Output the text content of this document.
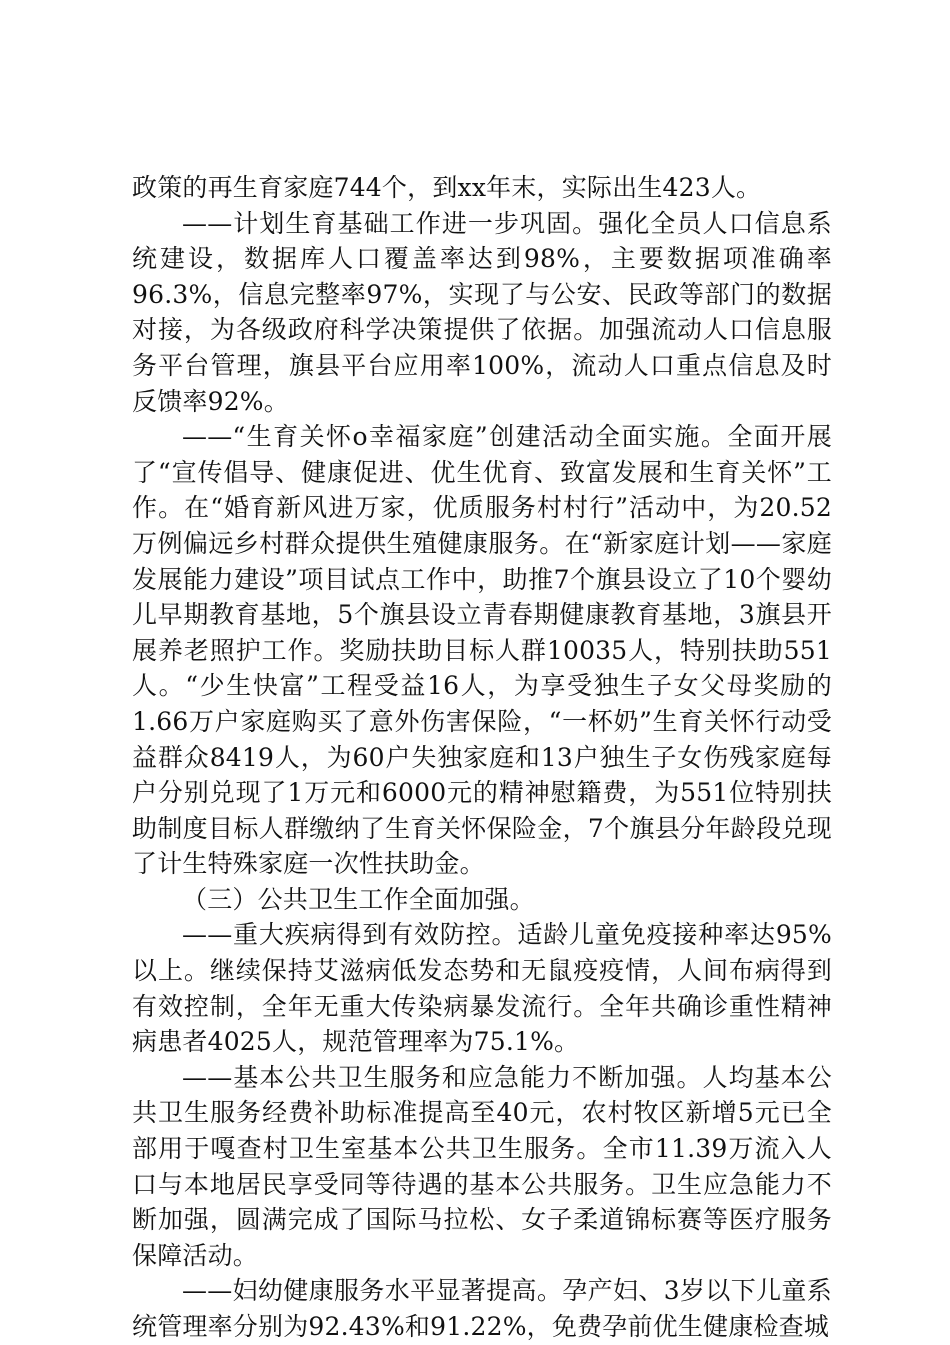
政策的再生育家庭744个，到xx年末，实际出生423人。

——计划生育基础工作进一步巩固。强化全员人口信息系统建设，数据库人口覆盖率达到98%，主要数据项准确率96.3%，信息完整率97%，实现了与公安、民政等部门的数据对接，为各级政府科学决策提供了依据。加强流动人口信息服务平台管理，旗县平台应用率100%，流动人口重点信息及时反馈率92%。

——“生育关怀o幸福家庭”创建活动全面实施。全面开展了“宣传倡导、健康促进、优生优育、致富发展和生育关怀”工作。在“婚育新风进万家，优质服务村村行”活动中，为20.52万例偏远乡村群众提供生殖健康服务。在“新家庭计划——家庭发展能力建设”项目试点工作中，助推7个旗县设立了10个婴幼儿早期教育基地，5个旗县设立青春期健康教育基地，3旗县开展养老照护工作。奖励扶助目标人群10035人，特别扶助551人。“少生快富”工程受益16人，为享受独生子女父母奖励的1.66万户家庭购买了意外伤害保险，“一杯奶”生育关怀行动受益群众8419人，为60户失独家庭和13户独生子女伤残家庭每户分别兑现了1万元和6000元的精神慰籍费，为551位特别扶助制度目标人群缴纳了生育关怀保险金，7个旗县分年龄段兑现了计生特殊家庭一次性扶助金。

（三）公共卫生工作全面加强。

——重大疾病得到有效防控。适龄儿童免疫接种率达95%以上。继续保持艾滋病低发态势和无鼠疫疫情，人间布病得到有效控制，全年无重大传染病暴发流行。全年共确诊重性精神病患者4025人，规范管理率为75.1%。

——基本公共卫生服务和应急能力不断加强。人均基本公共卫生服务经费补助标准提高至40元，农村牧区新增5元已全部用于嘎查村卫生室基本公共卫生服务。全市11.39万流入人口与本地居民享受同等待遇的基本公共服务。卫生应急能力不断加强，圆满完成了国际马拉松、女子柔道锦标赛等医疗服务保障活动。

——妇幼健康服务水平显著提高。孕产妇、3岁以下儿童系统管理率分别为92.43%和91.22%，免费孕前优生健康检查城
